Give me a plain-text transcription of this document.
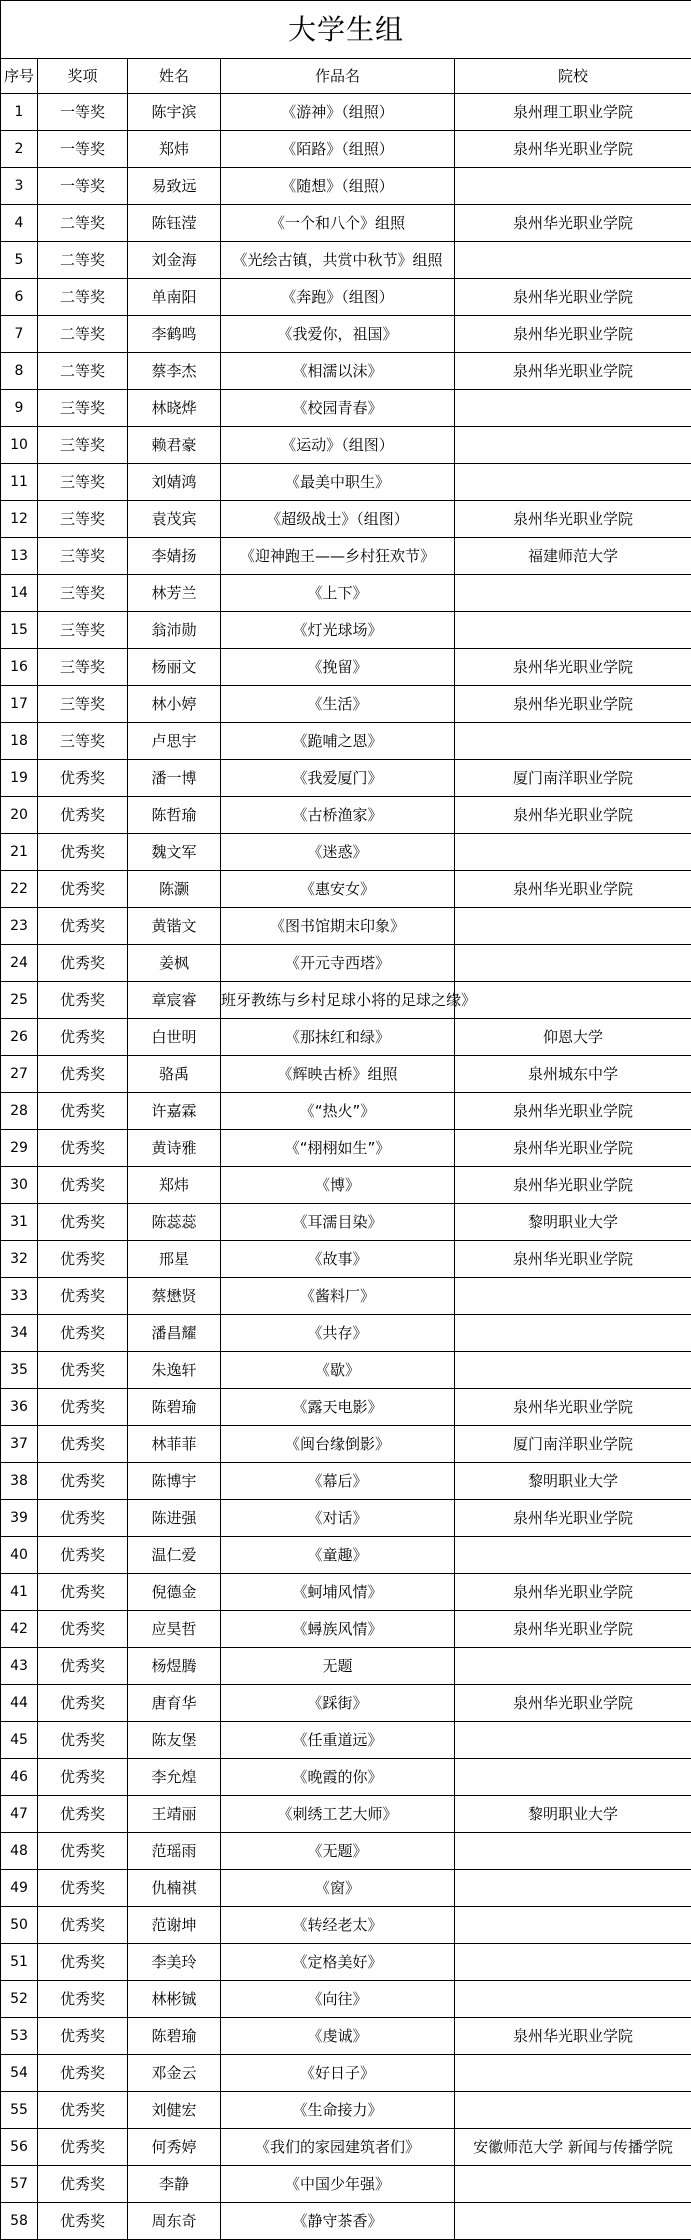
大学生组				
序号	奖项	姓名	作品名	院校
1	一等奖	陈宇滨	《游神》（组照）	泉州理工职业学院
2	一等奖	郑炜	《陌路》（组照）	泉州华光职业学院
3	一等奖	易致远	《随想》（组照）	
4	二等奖	陈钰滢	《一个和八个》组照	泉州华光职业学院
5	二等奖	刘金海	《光绘古镇，共赏中秋节》组照	
6	二等奖	单南阳	《奔跑》（组图）	泉州华光职业学院
7	二等奖	李鹤鸣	《我爱你，祖国》	泉州华光职业学院
8	二等奖	蔡李杰	《相濡以沫》	泉州华光职业学院
9	三等奖	林晓烨	《校园青春》	
10	三等奖	赖君豪	《运动》（组图）	
11	三等奖	刘婧鸿	《最美中职生》	
12	三等奖	袁茂宾	《超级战士》（组图）	泉州华光职业学院
13	三等奖	李婧扬	《迎神跑王——乡村狂欢节》	福建师范大学
14	三等奖	林芳兰	《上下》	
15	三等奖	翁沛勋	《灯光球场》	
16	三等奖	杨丽文	《挽留》	泉州华光职业学院
17	三等奖	林小婷	《生活》	泉州华光职业学院
18	三等奖	卢思宇	《跪哺之恩》	
19	优秀奖	潘一博	《我爱厦门》	厦门南洋职业学院
20	优秀奖	陈哲瑜	《古桥渔家》	泉州华光职业学院
21	优秀奖	魏文军	《迷惑》	
22	优秀奖	陈灏	《惠安女》	泉州华光职业学院
23	优秀奖	黄锴文	《图书馆期末印象》	
24	优秀奖	姜枫	《开元寺西塔》	
25	优秀奖	章宸睿	班牙教练与乡村足球小将的足球之缘》	
26	优秀奖	白世明	《那抹红和绿》	仰恩大学
27	优秀奖	骆禹	《辉映古桥》组照	泉州城东中学
28	优秀奖	许嘉霖	《“热火”》	泉州华光职业学院
29	优秀奖	黄诗雅	《“栩栩如生”》	泉州华光职业学院
30	优秀奖	郑炜	《博》	泉州华光职业学院
31	优秀奖	陈蕊蕊	《耳濡目染》	黎明职业大学
32	优秀奖	邢星	《故事》	泉州华光职业学院
33	优秀奖	蔡懋贤	《酱料厂》	
34	优秀奖	潘昌耀	《共存》	
35	优秀奖	朱逸轩	《歇》	
36	优秀奖	陈碧瑜	《露天电影》	泉州华光职业学院
37	优秀奖	林菲菲	《闽台缘倒影》	厦门南洋职业学院
38	优秀奖	陈博宇	《幕后》	黎明职业大学
39	优秀奖	陈进强	《对话》	泉州华光职业学院
40	优秀奖	温仁爱	《童趣》	
41	优秀奖	倪德金	《蚵埔风情》	泉州华光职业学院
42	优秀奖	应昊哲	《蟳族风情》	泉州华光职业学院
43	优秀奖	杨煜腾	无题	
44	优秀奖	唐育华	《踩街》	泉州华光职业学院
45	优秀奖	陈友堡	《任重道远》	
46	优秀奖	李允煌	《晚霞的你》	
47	优秀奖	王靖丽	《刺绣工艺大师》	黎明职业大学
48	优秀奖	范瑶雨	《无题》	
49	优秀奖	仇楠祺	《窗》	
50	优秀奖	范谢坤	《转经老太》	
51	优秀奖	李美玲	《定格美好》	
52	优秀奖	林彬铖	《向往》	
53	优秀奖	陈碧瑜	《虔诚》	泉州华光职业学院
54	优秀奖	邓金云	《好日子》	
55	优秀奖	刘健宏	《生命接力》	
56	优秀奖	何秀婷	《我们的家园建筑者们》	安徽师范大学 新闻与传播学院
57	优秀奖	李静	《中国少年强》	
58	优秀奖	周东奇	《静守茶香》	
